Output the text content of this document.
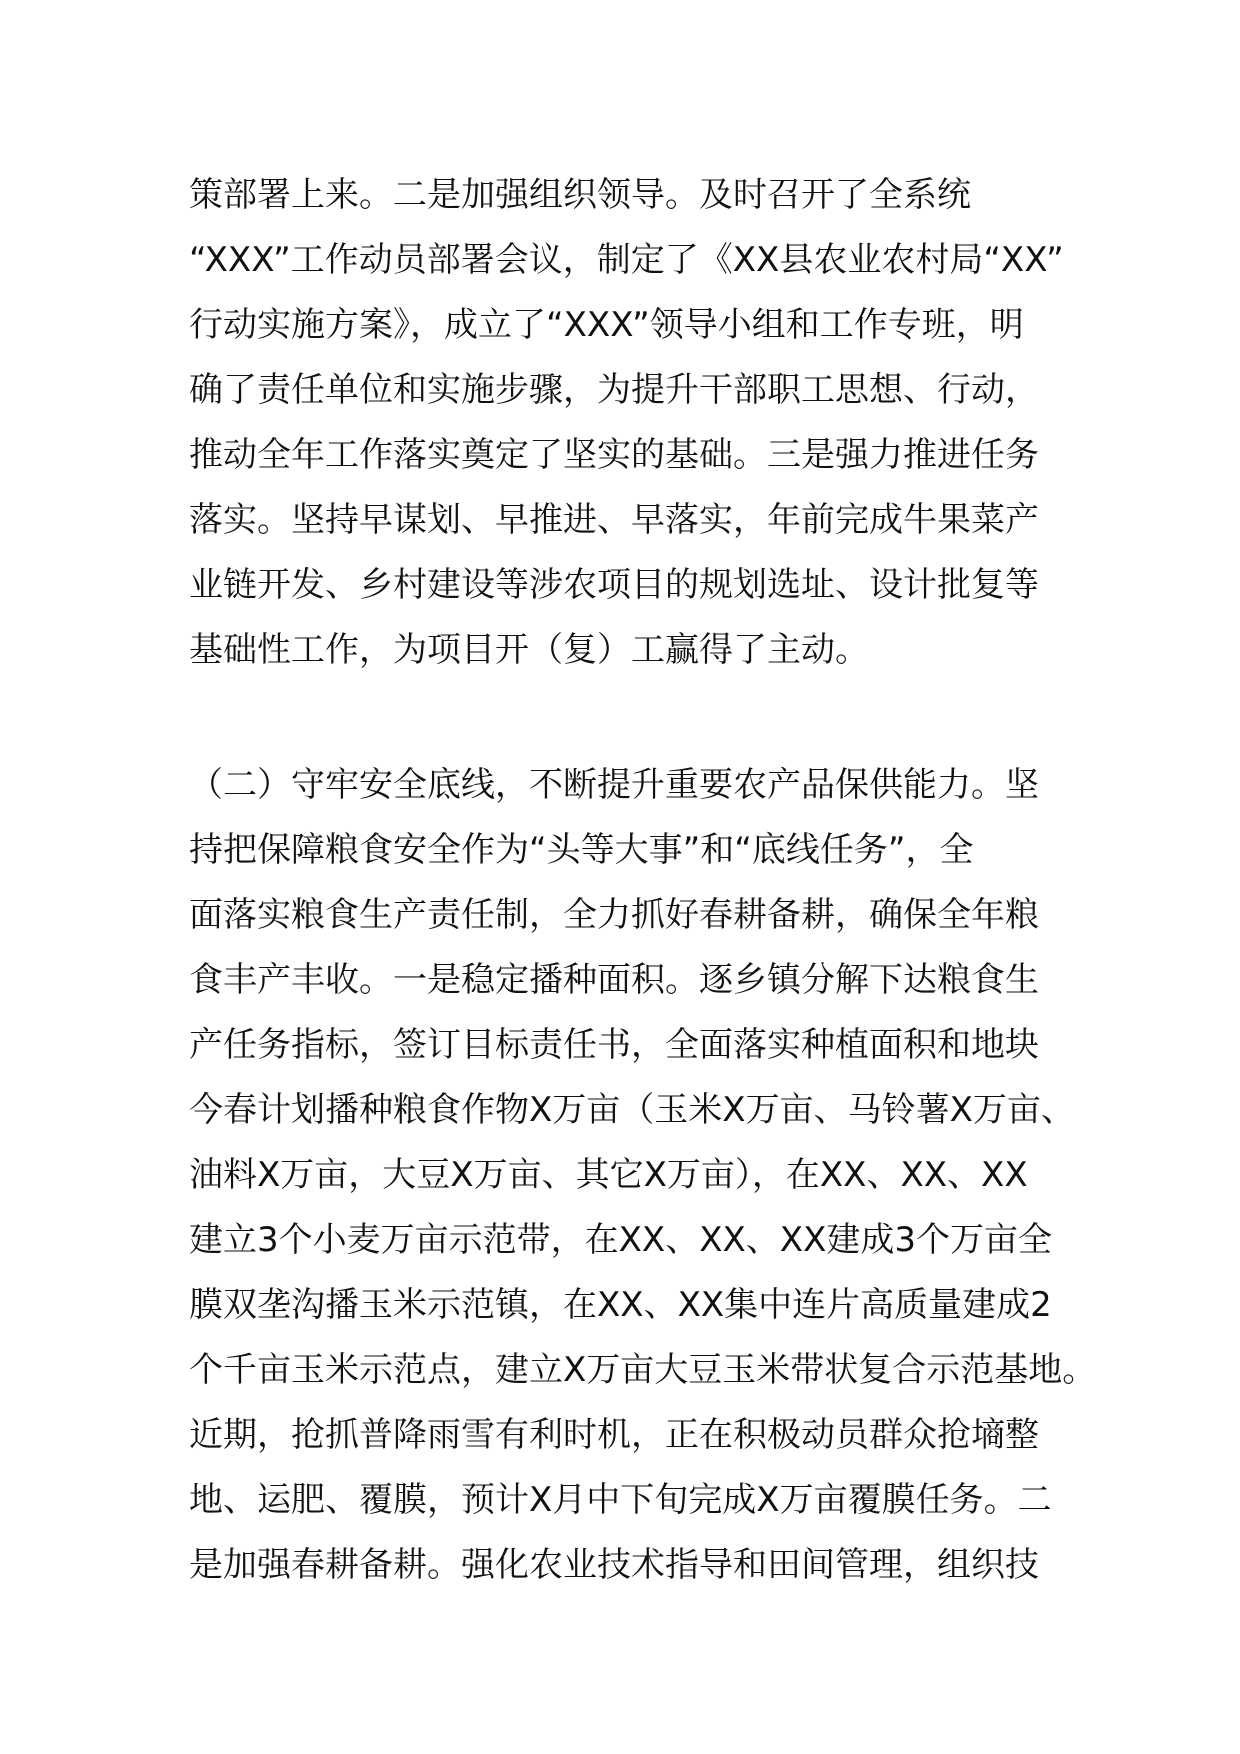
策部署上来。二是加强组织领导。及时召开了全系统
“XXX”工作动员部署会议，制定了《XX县农业农村局“XX”
行动实施方案》，成立了“XXX”领导小组和工作专班，明
确了责任单位和实施步骤，为提升干部职工思想、行动，
推动全年工作落实奠定了坚实的基础。三是强力推进任务
落实。坚持早谋划、早推进、早落实，年前完成牛果菜产
业链开发、乡村建设等涉农项目的规划选址、设计批复等
基础性工作，为项目开（复）工赢得了主动。
（二）守牢安全底线，不断提升重要农产品保供能力。坚
持把保障粮食安全作为“头等大事”和“底线任务”，全
面落实粮食生产责任制，全力抓好春耕备耕，确保全年粮
食丰产丰收。一是稳定播种面积。逐乡镇分解下达粮食生
产任务指标，签订目标责任书，全面落实种植面积和地块
今春计划播种粮食作物X万亩（玉米X万亩、马铃薯X万亩、
油料X万亩，大豆X万亩、其它X万亩），在XX、XX、XX
建立3个小麦万亩示范带，在XX、XX、XX建成3个万亩全
膜双垄沟播玉米示范镇，在XX、XX集中连片高质量建成2
个千亩玉米示范点，建立X万亩大豆玉米带状复合示范基地。
近期，抢抓普降雨雪有利时机，正在积极动员群众抢墒整
地、运肥、覆膜，预计X月中下旬完成X万亩覆膜任务。二
是加强春耕备耕。强化农业技术指导和田间管理，组织技
